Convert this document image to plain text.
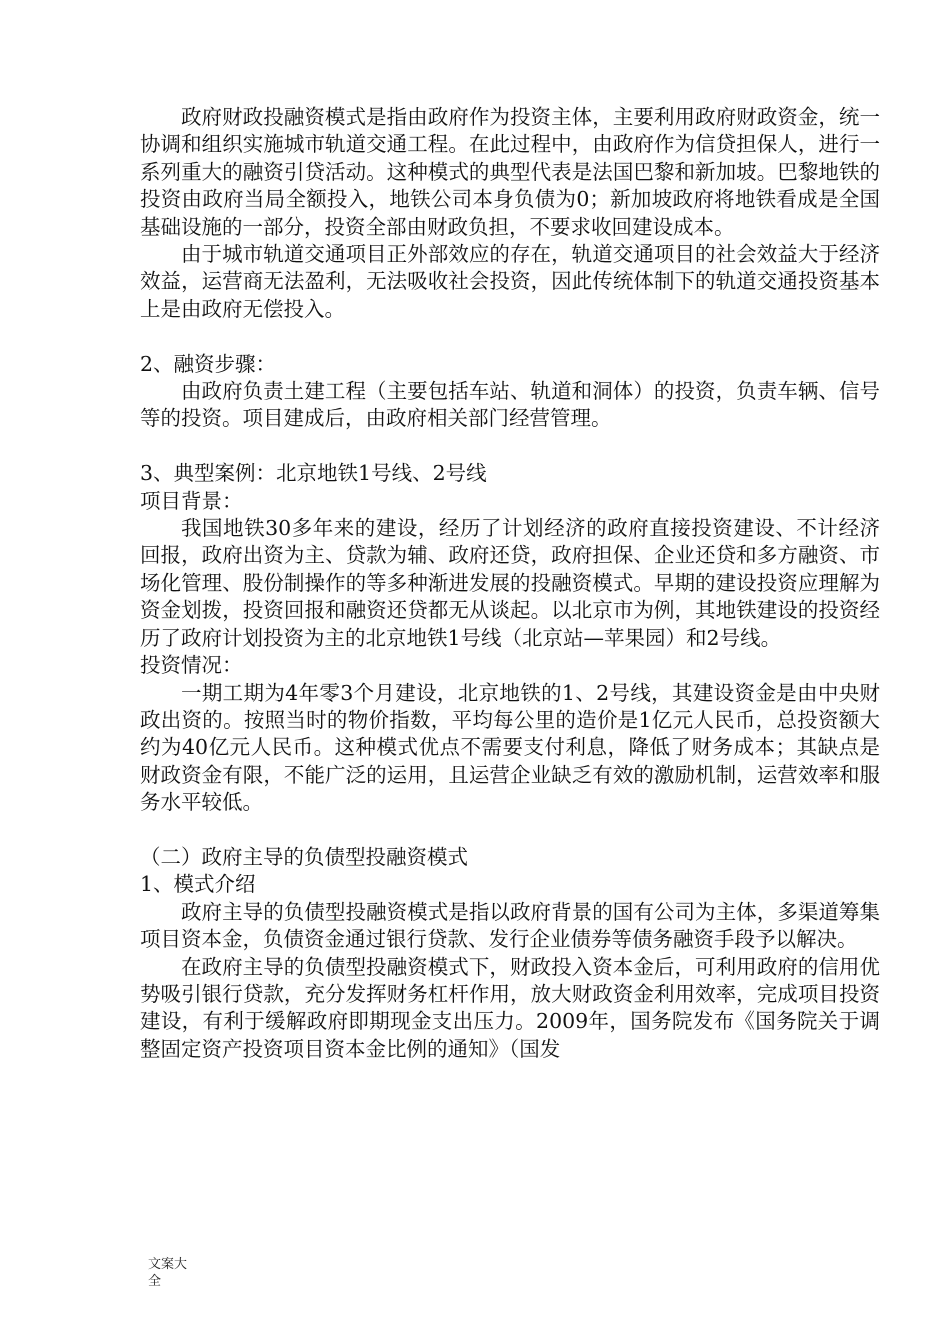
政府财政投融资模式是指由政府作为投资主体，主要利用政府财政资金，统一协调和组织实施城市轨道交通工程。在此过程中，由政府作为信贷担保人，进行一系列重大的融资引贷活动。这种模式的典型代表是法国巴黎和新加坡。巴黎地铁的投资由政府当局全额投入，地铁公司本身负债为0；新加坡政府将地铁看成是全国基础设施的一部分，投资全部由财政负担，不要求收回建设成本。

由于城市轨道交通项目正外部效应的存在，轨道交通项目的社会效益大于经济效益，运营商无法盈利，无法吸收社会投资，因此传统体制下的轨道交通投资基本上是由政府无偿投入。

2、融资步骤：

由政府负责土建工程（主要包括车站、轨道和洞体）的投资，负责车辆、信号等的投资。项目建成后，由政府相关部门经营管理。

3、典型案例：北京地铁1号线、2号线

项目背景：

我国地铁30多年来的建设，经历了计划经济的政府直接投资建设、不计经济回报，政府出资为主、贷款为辅、政府还贷，政府担保、企业还贷和多方融资、市场化管理、股份制操作的等多种渐进发展的投融资模式。早期的建设投资应理解为资金划拨，投资回报和融资还贷都无从谈起。以北京市为例，其地铁建设的投资经历了政府计划投资为主的北京地铁1号线（北京站—苹果园）和2号线。

投资情况：

一期工期为4年零3个月建设，北京地铁的1、2号线，其建设资金是由中央财政出资的。按照当时的物价指数，平均每公里的造价是1亿元人民币，总投资额大约为40亿元人民币。这种模式优点不需要支付利息，降低了财务成本；其缺点是财政资金有限，不能广泛的运用，且运营企业缺乏有效的激励机制，运营效率和服务水平较低。

（二）政府主导的负债型投融资模式

1、模式介绍

政府主导的负债型投融资模式是指以政府背景的国有公司为主体，多渠道筹集项目资本金，负债资金通过银行贷款、发行企业债券等债务融资手段予以解决。

在政府主导的负债型投融资模式下，财政投入资本金后，可利用政府的信用优势吸引银行贷款，充分发挥财务杠杆作用，放大财政资金利用效率，完成项目投资建设，有利于缓解政府即期现金支出压力。2009年，国务院发布《国务院关于调整固定资产投资项目资本金比例的通知》（国发

文案大全
